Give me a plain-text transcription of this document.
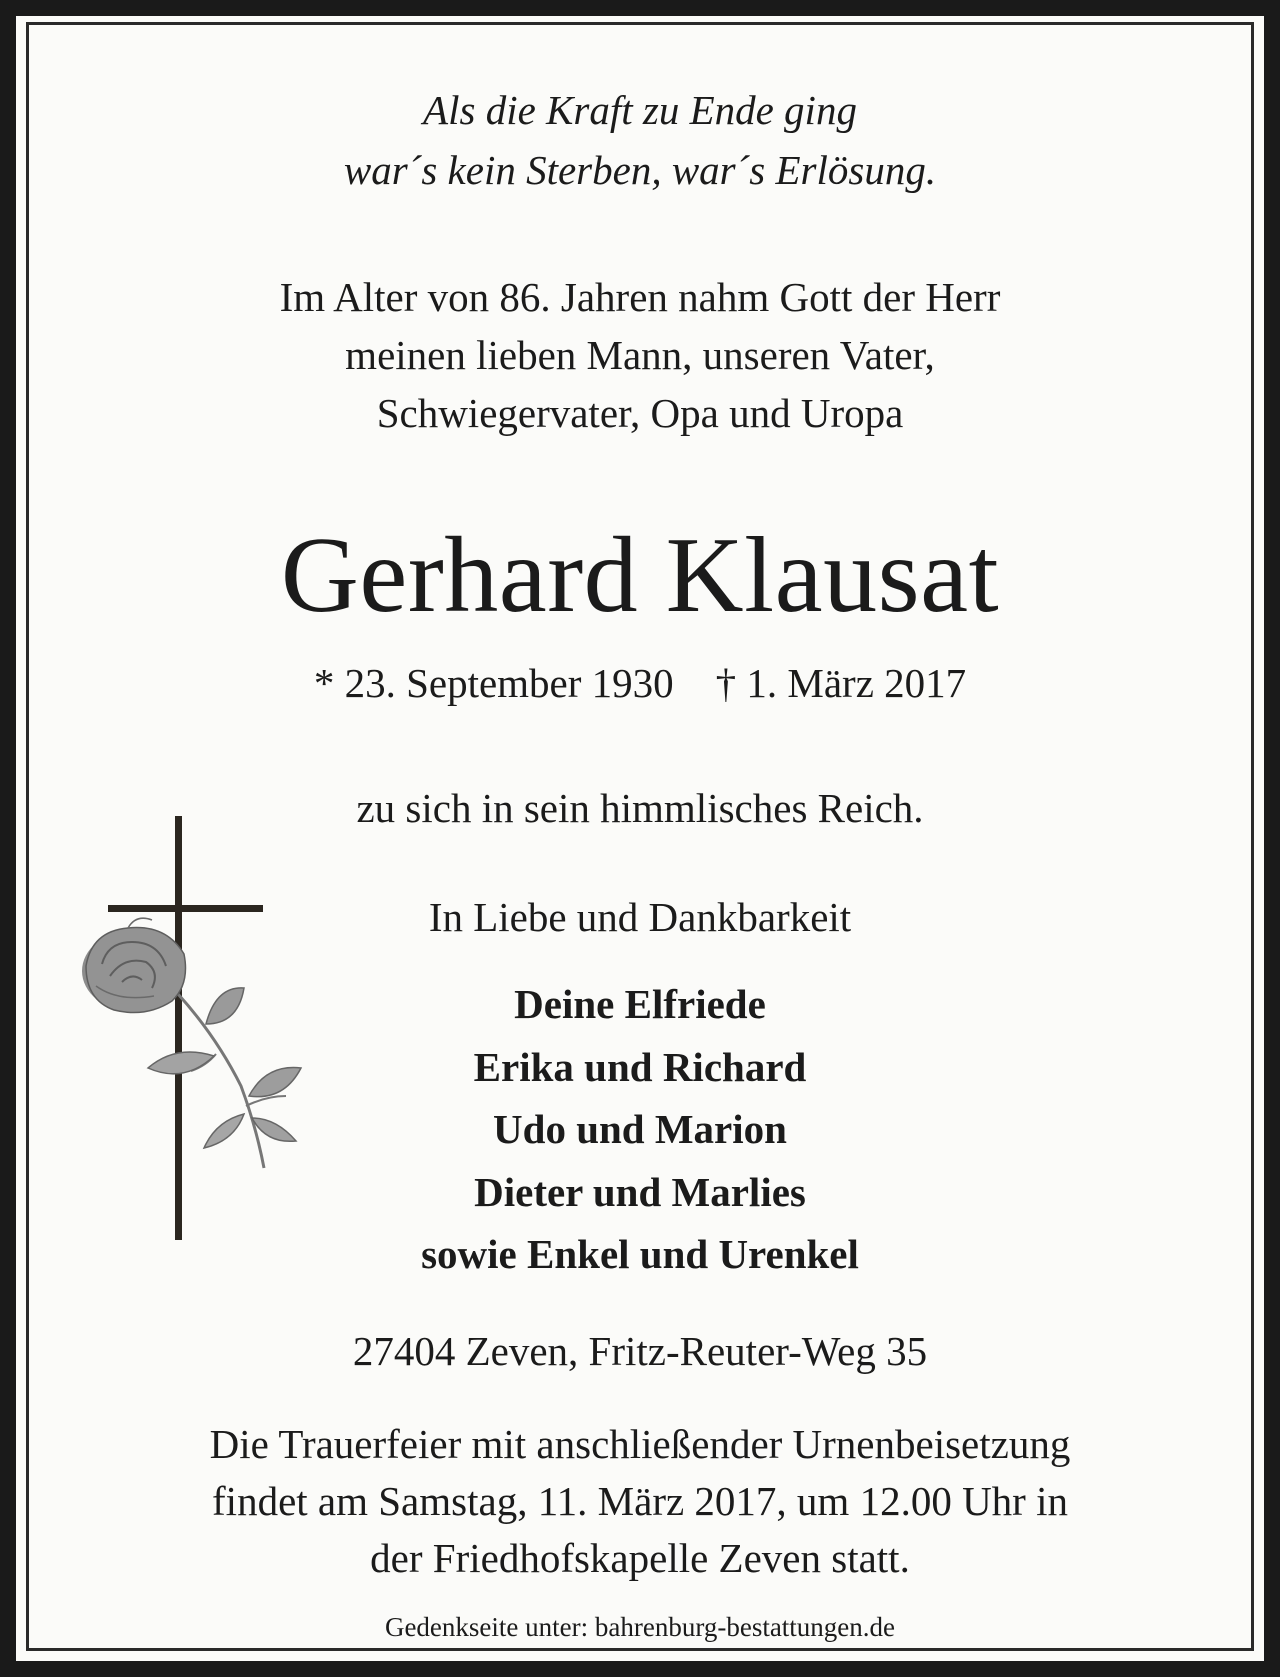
Als die Kraft zu Ende ging
war´s kein Sterben, war´s Erlösung.
Im Alter von 86. Jahren nahm Gott der Herr
meinen lieben Mann, unseren Vater,
Schwiegervater, Opa und Uropa
Gerhard Klausat
* 23. September 1930 † 1. März 2017
zu sich in sein himmlisches Reich.
In Liebe und Dankbarkeit
Deine Elfriede
Erika und Richard
Udo und Marion
Dieter und Marlies
sowie Enkel und Urenkel
27404 Zeven, Fritz-Reuter-Weg 35
Die Trauerfeier mit anschließender Urnenbeisetzung
findet am Samstag, 11. März 2017, um 12.00 Uhr in
der Friedhofskapelle Zeven statt.
Gedenkseite unter: bahrenburg-bestattungen.de
